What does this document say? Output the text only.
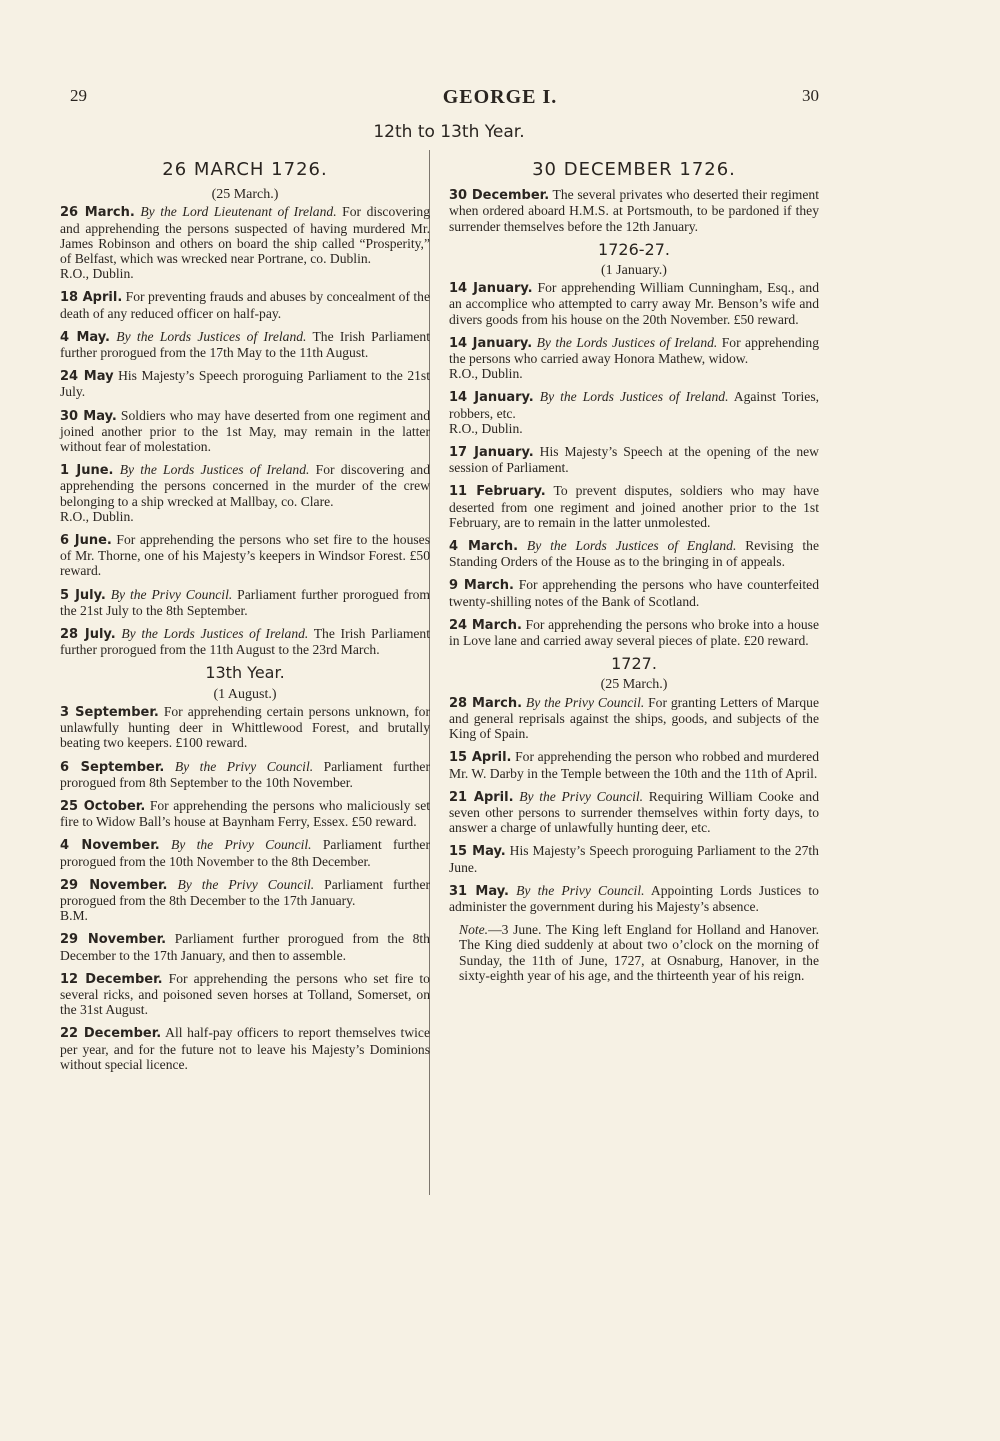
29	GEORGE I.	30
12th to 13th Year.
26 MARCH 1726.
(25 March.)

26 March. By the Lord Lieutenant of Ireland. For discovering and apprehending the persons suspected of having murdered Mr. James Robinson and others on board the ship called “Prosperity,” of Belfast, which was wrecked near Portrane, co. Dublin.
R.O., Dublin.

18 April. For preventing frauds and abuses by concealment of the death of any reduced officer on half-pay.

4 May. By the Lords Justices of Ireland. The Irish Parliament further prorogued from the 17th May to the 11th August.

24 May His Majesty’s Speech proroguing Parliament to the 21st July.

30 May. Soldiers who may have deserted from one regiment and joined another prior to the 1st May, may remain in the latter without fear of molestation.

1 June. By the Lords Justices of Ireland. For discovering and apprehending the persons concerned in the murder of the crew belonging to a ship wrecked at Mallbay, co. Clare.
R.O., Dublin.

6 June. For apprehending the persons who set fire to the houses of Mr. Thorne, one of his Majesty’s keepers in Windsor Forest. £50 reward.

5 July. By the Privy Council. Parliament further prorogued from the 21st July to the 8th September.

28 July. By the Lords Justices of Ireland. The Irish Parliament further prorogued from the 11th August to the 23rd March.

13th Year.
(1 August.)

3 September. For apprehending certain persons unknown, for unlawfully hunting deer in Whittlewood Forest, and brutally beating two keepers. £100 reward.

6 September. By the Privy Council. Parliament further prorogued from 8th September to the 10th November.

25 October. For apprehending the persons who maliciously set fire to Widow Ball’s house at Baynham Ferry, Essex. £50 reward.

4 November. By the Privy Council. Parliament further prorogued from the 10th November to the 8th December.

29 November. By the Privy Council. Parliament further prorogued from the 8th December to the 17th January.
B.M.

29 November. Parliament further prorogued from the 8th December to the 17th January, and then to assemble.

12 December. For apprehending the persons who set fire to several ricks, and poisoned seven horses at Tolland, Somerset, on the 31st August.

22 December. All half-pay officers to report themselves twice per year, and for the future not to leave his Majesty’s Dominions without special licence.

30 DECEMBER 1726.

30 December. The several privates who deserted their regiment when ordered aboard H.M.S. at Portsmouth, to be pardoned if they surrender themselves before the 12th January.

1726-27.
(1 January.)

14 January. For apprehending William Cunningham, Esq., and an accomplice who attempted to carry away Mr. Benson’s wife and divers goods from his house on the 20th November. £50 reward.

14 January. By the Lords Justices of Ireland. For apprehending the persons who carried away Honora Mathew, widow.
R.O., Dublin.

14 January. By the Lords Justices of Ireland. Against Tories, robbers, etc.
R.O., Dublin.

17 January. His Majesty’s Speech at the opening of the new session of Parliament.

11 February. To prevent disputes, soldiers who may have deserted from one regiment and joined another prior to the 1st February, are to remain in the latter unmolested.

4 March. By the Lords Justices of England. Revising the Standing Orders of the House as to the bringing in of appeals.

9 March. For apprehending the persons who have counterfeited twenty-shilling notes of the Bank of Scotland.

24 March. For apprehending the persons who broke into a house in Love lane and carried away several pieces of plate. £20 reward.

1727.
(25 March.)

28 March. By the Privy Council. For granting Letters of Marque and general reprisals against the ships, goods, and subjects of the King of Spain.

15 April. For apprehending the person who robbed and murdered Mr. W. Darby in the Temple between the 10th and the 11th of April.

21 April. By the Privy Council. Requiring William Cooke and seven other persons to surrender themselves within forty days, to answer a charge of unlawfully hunting deer, etc.

15 May. His Majesty’s Speech proroguing Parliament to the 27th June.

31 May. By the Privy Council. Appointing Lords Justices to administer the government during his Majesty’s absence.

Note.—3 June. The King left England for Holland and Hanover. The King died suddenly at about two o’clock on the morning of Sunday, the 11th of June, 1727, at Osnaburg, Hanover, in the sixty-eighth year of his age, and the thirteenth year of his reign.
